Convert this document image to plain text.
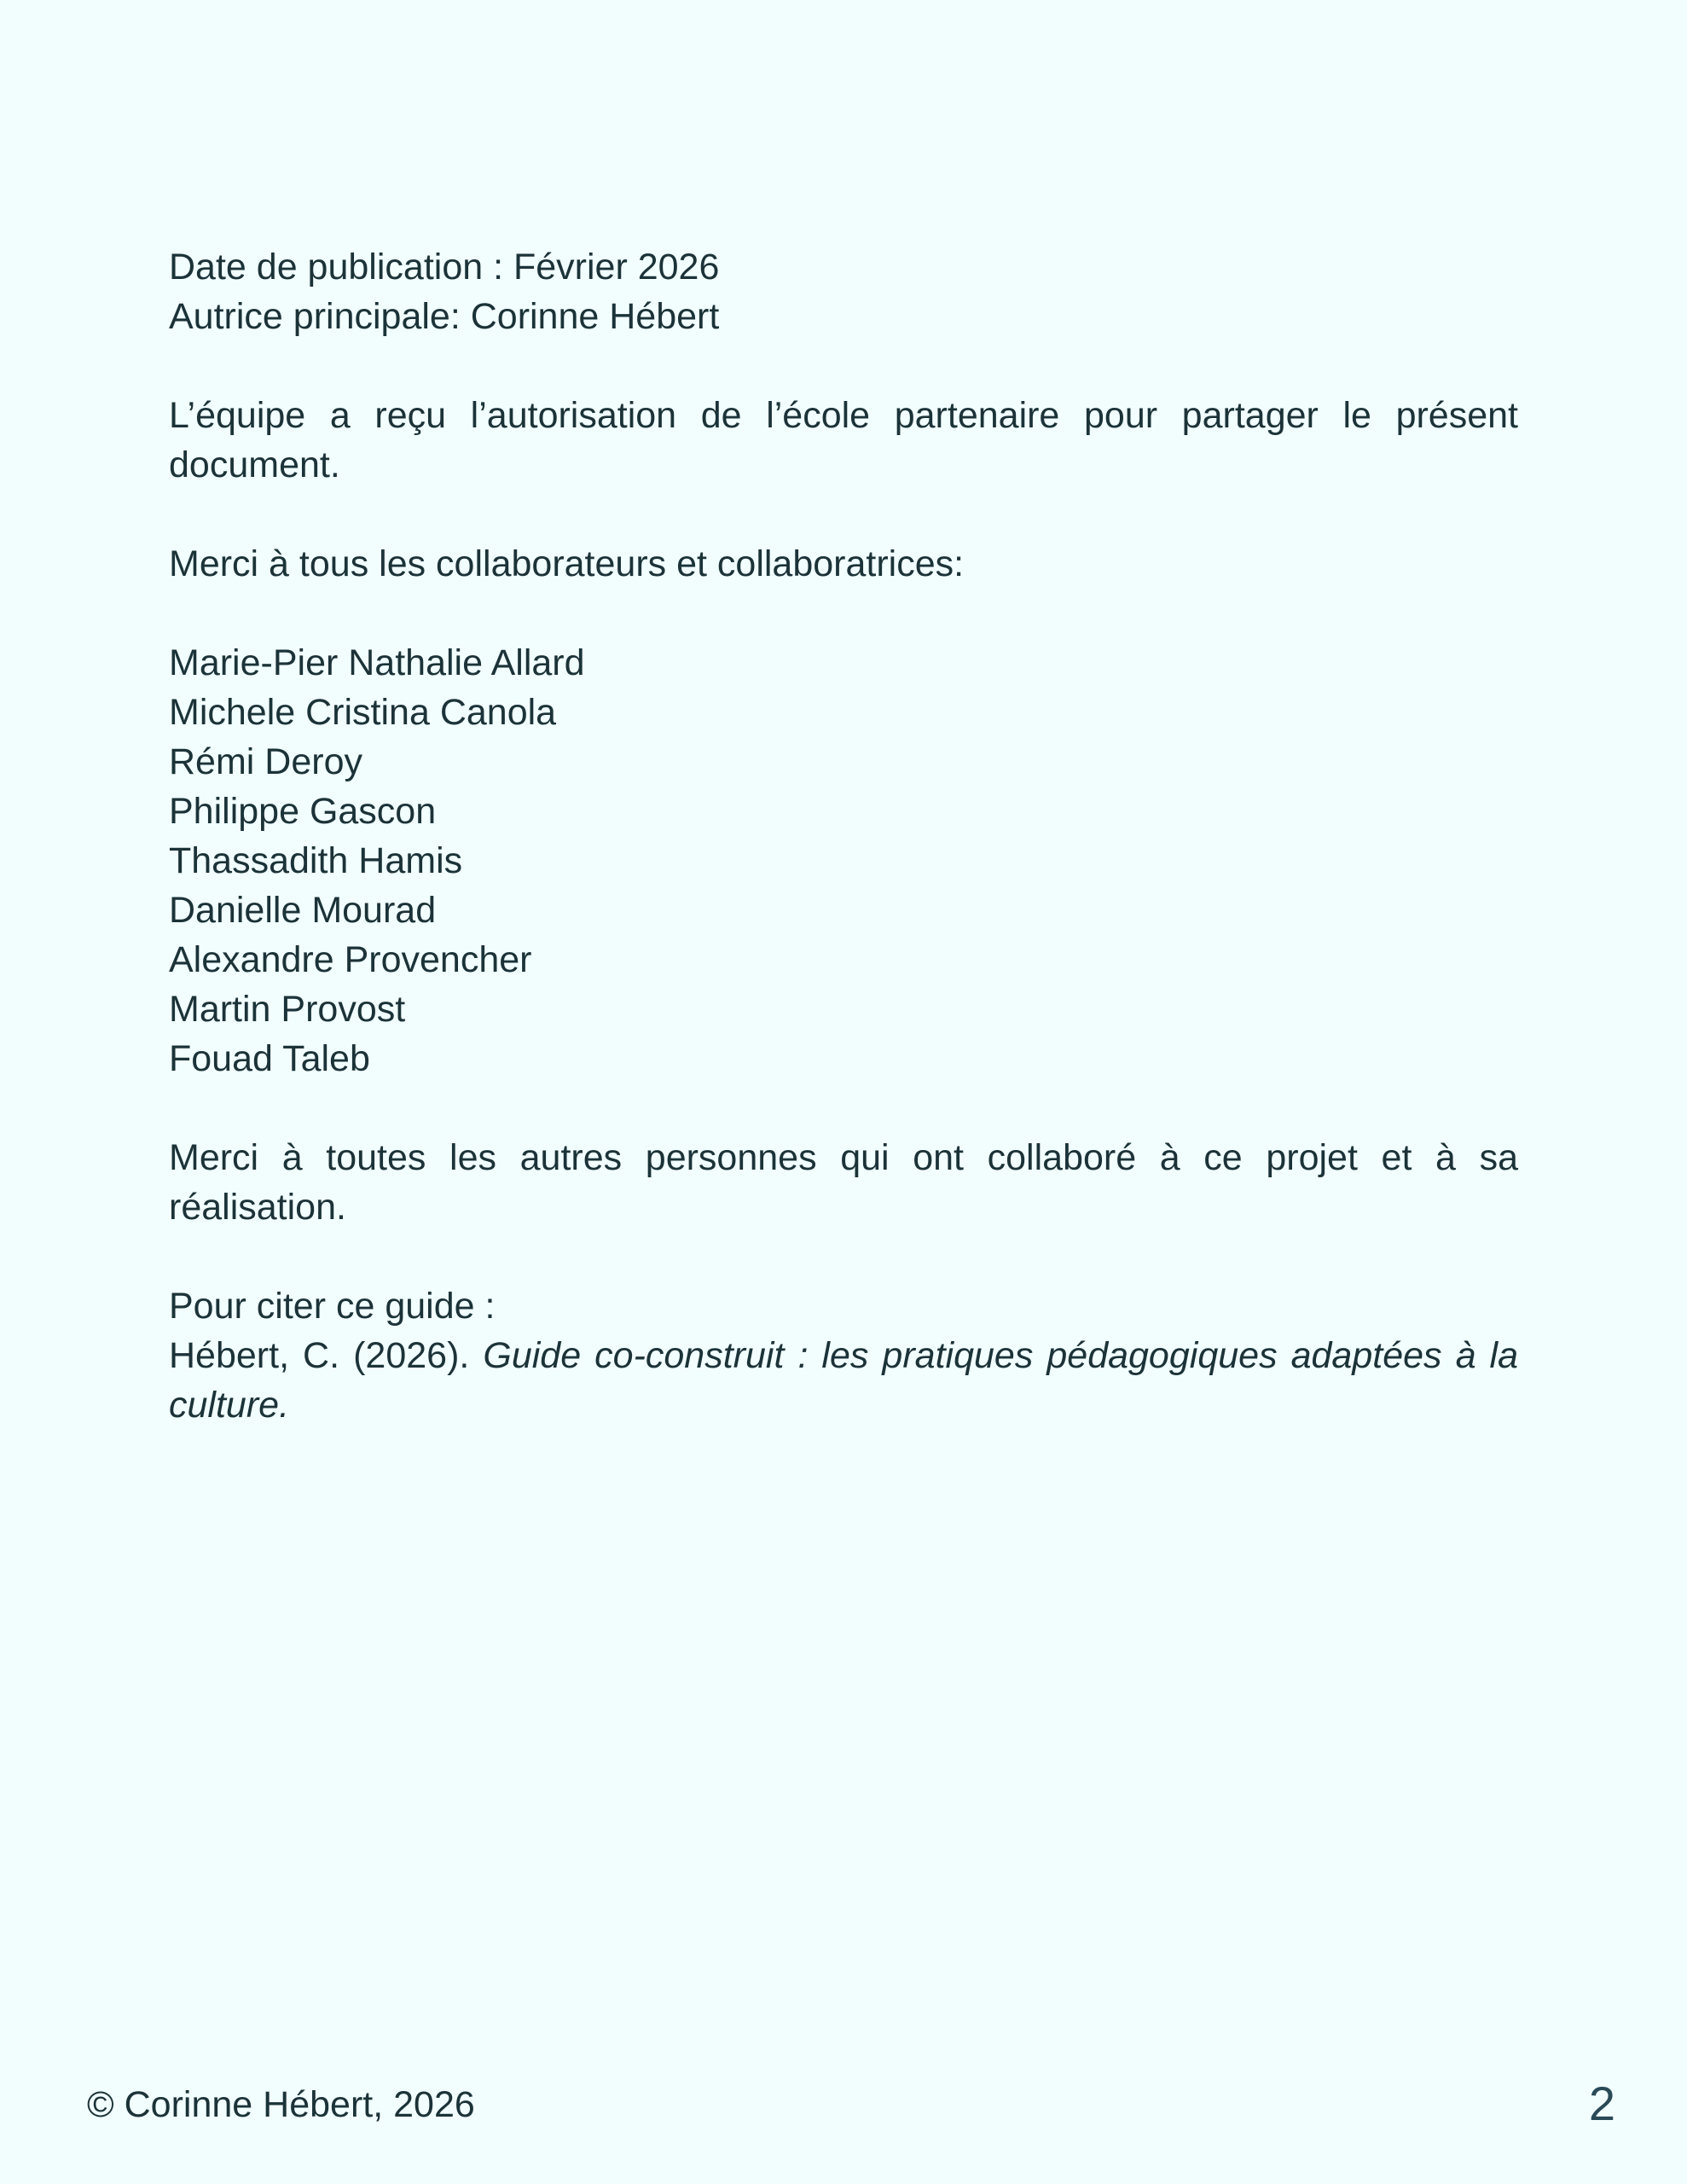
Date de publication : Février 2026
Autrice principale: Corinne Hébert
L’équipe a reçu l’autorisation de l’école partenaire pour partager le présent document.
Merci à tous les collaborateurs et collaboratrices:
Marie-Pier Nathalie Allard
Michele Cristina Canola
Rémi Deroy
Philippe Gascon
Thassadith Hamis
Danielle Mourad
Alexandre Provencher
Martin Provost
Fouad Taleb
Merci à toutes les autres personnes qui ont collaboré à ce projet et à sa réalisation.
Pour citer ce guide :
Hébert, C. (2026). Guide co-construit : les pratiques pédagogiques adaptées à la culture.
© Corinne Hébert, 2026	2
